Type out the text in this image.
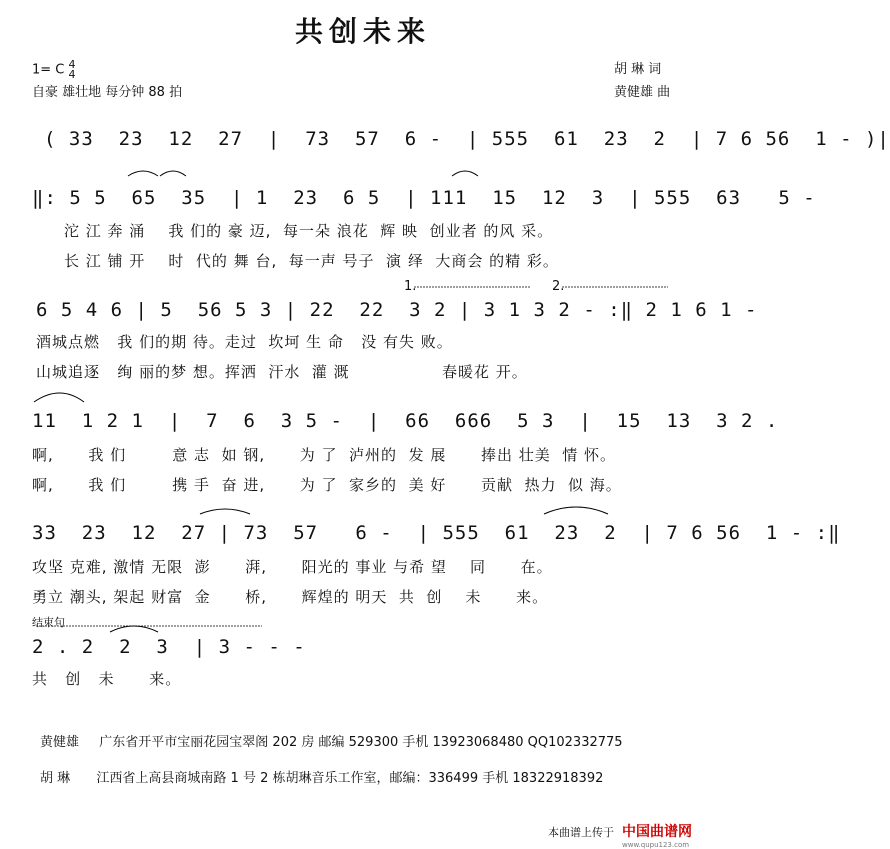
共创未来
1= C 4
4
自豪 雄壮地 每分钟 88 拍
胡 琳 词
黄健雄 曲
( 33  23  12  27  |  73  57  6 -  | 555  61  23  2  | 7 6 56  1 - )|
‖: 5 5  65  35  | 1  23  6 5  | 111  15  12  3  | 555  63   5 -
沱 江 奔 涌    我 们的 豪 迈,  每一朵 浪花  辉 映  创业者 的风 采。
长 江 铺 开    时  代的 舞 台,  每一声 号子  演 绎  大商会 的精 彩。
1.	2.
6 5 4 6 | 5  56 5 3 | 22  22  3 2 | 3 1 3 2 - :‖ 2 1 6 1 -
酒城点燃   我 们的期 待。走过  坎坷 生 命   没 有失 败。
山城追逐   绚 丽的梦 想。挥洒  汗水  灌 溉                春暖花 开。
11  1 2 1  |  7  6  3 5 -  |  66  666  5 3  |  15  13  3 2 .
啊,      我 们        意 志  如 钢,      为 了  泸州的  发 展      捧出 壮美  情 怀。
啊,      我 们        携 手  奋 进,      为 了  家乡的  美 好      贡献  热力  似 海。
33  23  12  27 | 73  57   6 -  | 555  61  23  2  | 7 6 56  1 - :‖
攻坚 克难, 激情 无限  澎      湃,      阳光的 事业 与希 望    同      在。
勇立 潮头, 架起 财富  金      桥,      辉煌的 明天  共  创    未      来。
结束句
2 . 2  2  3  | 3 - - -
共   创   未      来。
黄健雄 广东省开平市宝丽花园宝翠阁 202 房 邮编 529300 手机 13923068480 QQ102332775
胡 琳 江西省上高县商城南路 1 号 2 栋胡琳音乐工作室，邮编：336499 手机 18322918392
本曲谱上传于 中国曲谱网
www.qupu123.com
